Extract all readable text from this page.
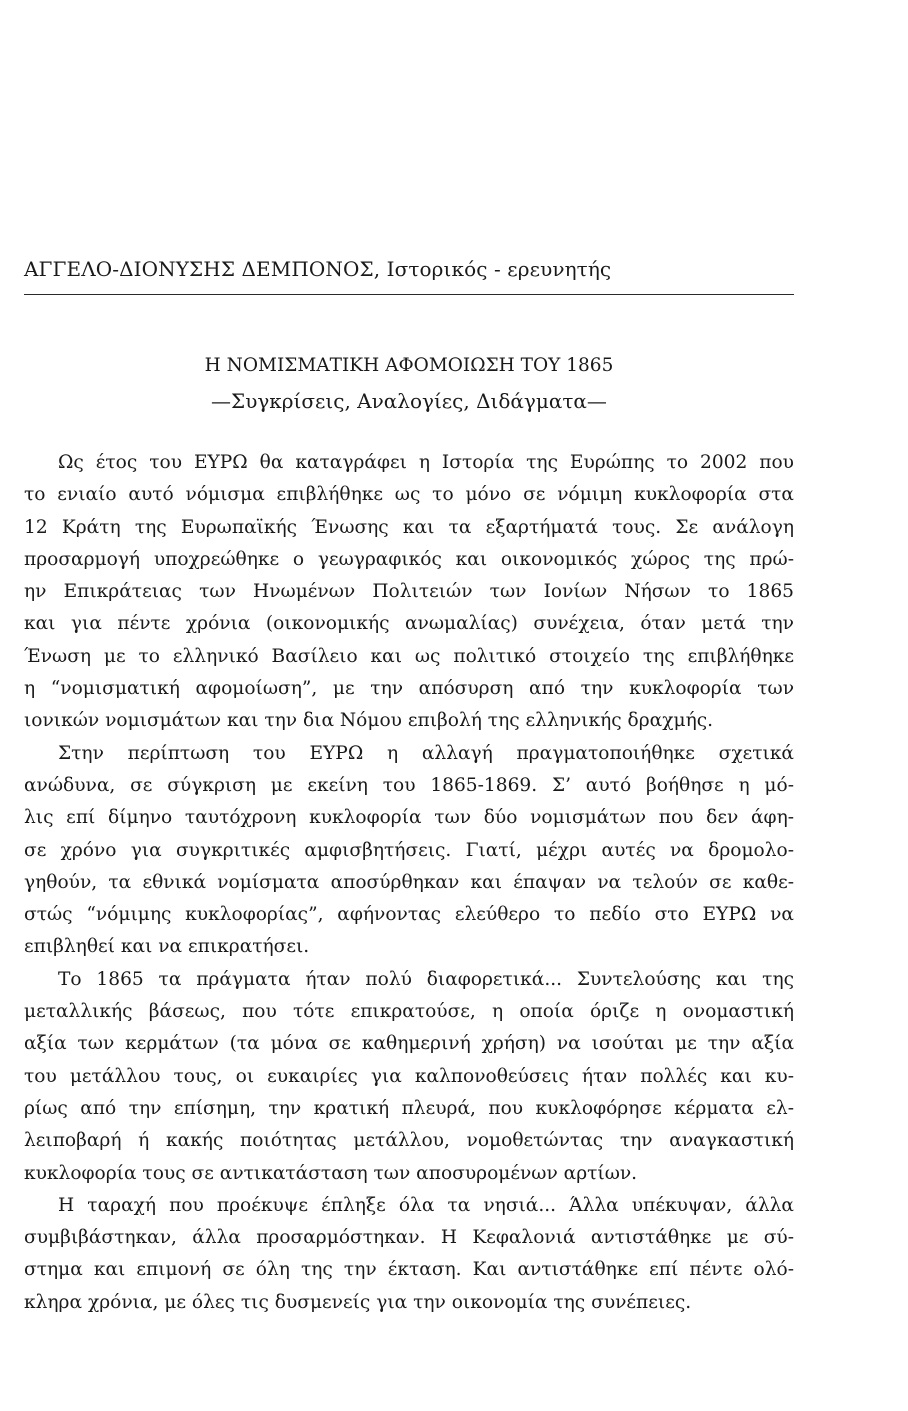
ΑΓΓΕΛΟ-ΔΙΟΝΥΣΗΣ ΔΕΜΠΟΝΟΣ, Ιστορικός - ερευνητής
Η ΝΟΜΙΣΜΑΤΙΚΗ ΑΦΟΜΟΙΩΣΗ ΤΟΥ 1865
—Συγκρίσεις, Αναλογίες, Διδάγματα—

Ως έτος του ΕΥΡΩ θα καταγράφει η Ιστορία της Ευρώπης το 2002 που
το ενιαίο αυτό νόμισμα επιβλήθηκε ως το μόνο σε νόμιμη κυκλοφορία στα
12 Κράτη της Ευρωπαϊκής Ένωσης και τα εξαρτήματά τους. Σε ανάλογη
προσαρμογή υποχρεώθηκε ο γεωγραφικός και οικονομικός χώρος της πρώ-
ην Επικράτειας των Ηνωμένων Πολιτειών των Ιονίων Νήσων το 1865
και για πέντε χρόνια (οικονομικής ανωμαλίας) συνέχεια, όταν μετά την
Ένωση με το ελληνικό Βασίλειο και ως πολιτικό στοιχείο της επιβλήθηκε
η “νομισματική αφομοίωση”, με την απόσυρση από την κυκλοφορία των
ιονικών νομισμάτων και την δια Νόμου επιβολή της ελληνικής δραχμής.

Στην περίπτωση του ΕΥΡΩ η αλλαγή πραγματοποιήθηκε σχετικά
ανώδυνα, σε σύγκριση με εκείνη του 1865-1869. Σ’ αυτό βοήθησε η μό-
λις επί δίμηνο ταυτόχρονη κυκλοφορία των δύο νομισμάτων που δεν άφη-
σε χρόνο για συγκριτικές αμφισβητήσεις. Γιατί, μέχρι αυτές να δρομολο-
γηθούν, τα εθνικά νομίσματα αποσύρθηκαν και έπαψαν να τελούν σε καθε-
στώς “νόμιμης κυκλοφορίας”, αφήνοντας ελεύθερο το πεδίο στο ΕΥΡΩ να
επιβληθεί και να επικρατήσει.

Το 1865 τα πράγματα ήταν πολύ διαφορετικά... Συντελούσης και της
μεταλλικής βάσεως, που τότε επικρατούσε, η οποία όριζε η ονομαστική
αξία των κερμάτων (τα μόνα σε καθημερινή χρήση) να ισούται με την αξία
του μετάλλου τους, οι ευκαιρίες για καλπονοθεύσεις ήταν πολλές και κυ-
ρίως από την επίσημη, την κρατική πλευρά, που κυκλοφόρησε κέρματα ελ-
λειποβαρή ή κακής ποιότητας μετάλλου, νομοθετώντας την αναγκαστική
κυκλοφορία τους σε αντικατάσταση των αποσυρομένων αρτίων.

Η ταραχή που προέκυψε έπληξε όλα τα νησιά... Άλλα υπέκυψαν, άλλα
συμβιβάστηκαν, άλλα προσαρμόστηκαν. Η Κεφαλονιά αντιστάθηκε με σύ-
στημα και επιμονή σε όλη της την έκταση. Και αντιστάθηκε επί πέντε ολό-
κληρα χρόνια, με όλες τις δυσμενείς για την οικονομία της συνέπειες.
